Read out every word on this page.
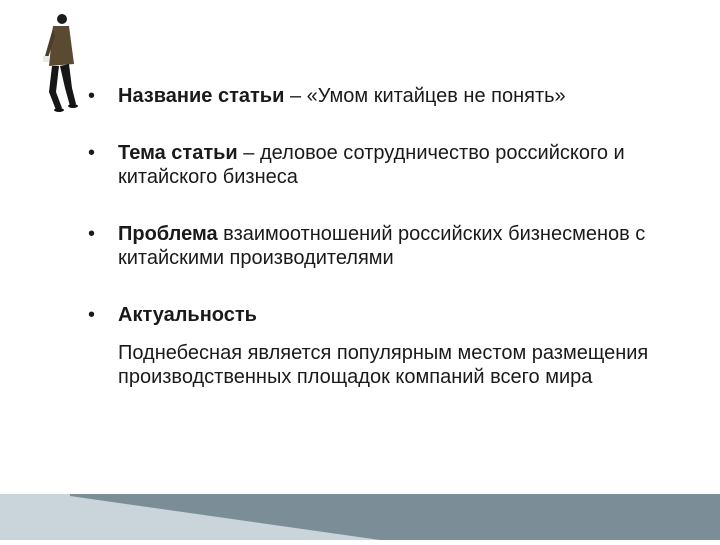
• Название статьи – «Умом китайцев не понять»
• Тема статьи – деловое сотрудничество российского и китайского бизнеса
• Проблема взаимоотношений российских бизнесменов с китайскими производителями
• Актуальность
Поднебесная является популярным местом размещения производственных площадок компаний всего мира
